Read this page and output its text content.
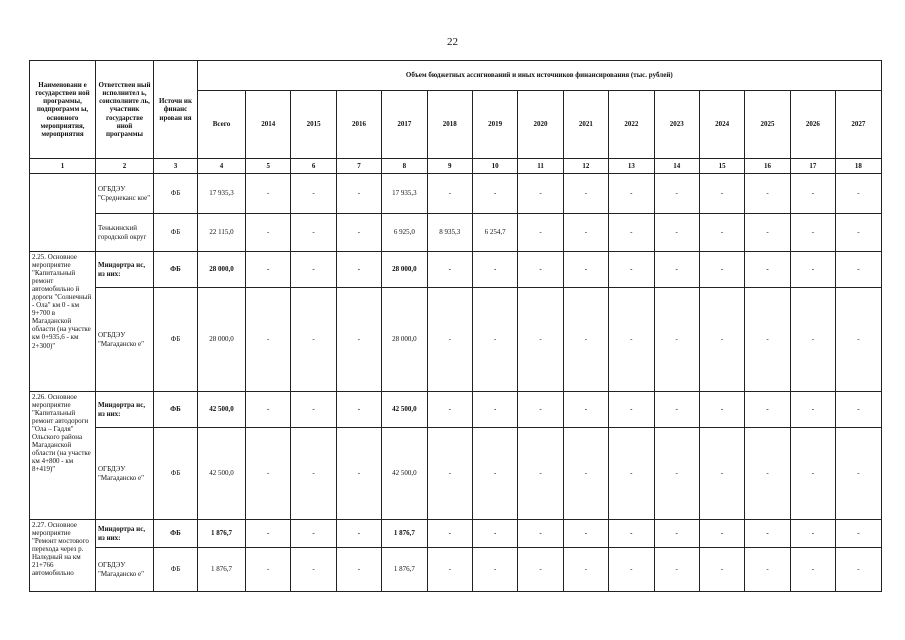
22
Наименовани е государствен ной программы, подпрограмм ы, основного мероприятия, мероприятия	Ответствен ный исполнител ь, соисполните ль, участник государстве нной программы	Источн ик финанс ирован ия	Объем бюджетных ассигнований и иных источников финансирования (тыс. рублей)														
			Всего	2014	2015	2016	2017	2018	2019	2020	2021	2022	2023	2024	2025	2026	2027
1	2	3	4	5	6	7	8	9	10	11	12	13	14	15	16	17	18
	ОГБДЭУ "Среднеканс кое"	ФБ	17 935,3	-	-	-	17 935,3	-	-	-	-	-	-	-	-	-	-
	Тенькинский городской округ	ФБ	22 115,0	-	-	-	6 925,0	8 935,3	6 254,7	-	-	-	-	-	-	-	-
2.25. Основное мероприятие "Капитальный ремонт автомобильно й дороги "Солнечный - Ола" км 0 - км 9+700 в Магаданской области (на участке км 0+935,6 - км 2+300)"	Миндортра нс, из них:	ФБ	28 000,0	-	-	-	28 000,0	-	-	-	-	-	-	-	-	-	-
	ОГБДЭУ "Магаданско е"	ФБ	28 000,0	-	-	-	28 000,0	-	-	-	-	-	-	-	-	-	-
2.26. Основное мероприятие "Капитальный ремонт автодороги "Ола – Гадля" Ольского района Магаданской области (на участке км 4+800 - км 8+419)"	Миндортра нс, из них:	ФБ	42 500,0	-	-	-	42 500,0	-	-	-	-	-	-	-	-	-	-
	ОГБДЭУ "Магаданско е"	ФБ	42 500,0	-	-	-	42 500,0	-	-	-	-	-	-	-	-	-	-
2.27. Основное мероприятие "Ремонт мостового перехода через р. Наледный на км 21+766 автомобильно	Миндортра нс, из них:	ФБ	1 876,7	-	-	-	1 876,7	-	-	-	-	-	-	-	-	-	-
	ОГБДЭУ "Магаданско е"	ФБ	1 876,7	-	-	-	1 876,7	-	-	-	-	-	-	-	-	-	-
